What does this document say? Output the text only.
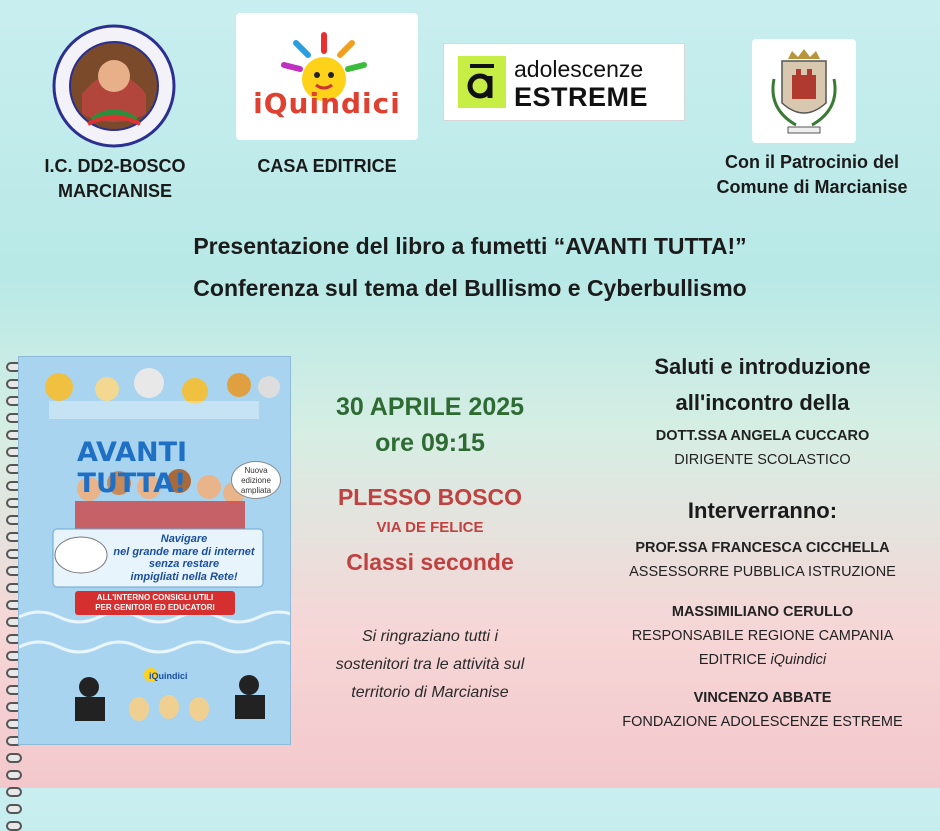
I.C. DD2-BOSCO
MARCIANISE
iQuindici
CASA EDITRICE
adolescenze
ESTREME
Con il Patrocinio del
Comune di Marcianise
Presentazione del libro a fumetti “AVANTI TUTTA!”
Conferenza sul tema del Bullismo e Cyberbullismo
AVANTI TUTTA!	Nuova edizione ampliata
Navigare
nel grande mare di internet
senza restare
impigliati nella Rete!
ALL'INTERNO CONSIGLI UTILI
PER GENITORI ED EDUCATORI
iQuindici
30 APRILE 2025
ore 09:15
PLESSO BOSCO
VIA DE FELICE
Classi seconde
Si ringraziano tutti i
sostenitori tra le attività sul
territorio di Marcianise
Saluti e introduzione
all'incontro della
DOTT.SSA ANGELA CUCCARO
DIRIGENTE SCOLASTICO
Interverranno:
PROF.SSA FRANCESCA CICCHELLA
ASSESSORRE PUBBLICA ISTRUZIONE
MASSIMILIANO CERULLO
RESPONSABILE REGIONE CAMPANIA
EDITRICE iQuindici
VINCENZO ABBATE
FONDAZIONE ADOLESCENZE ESTREME
